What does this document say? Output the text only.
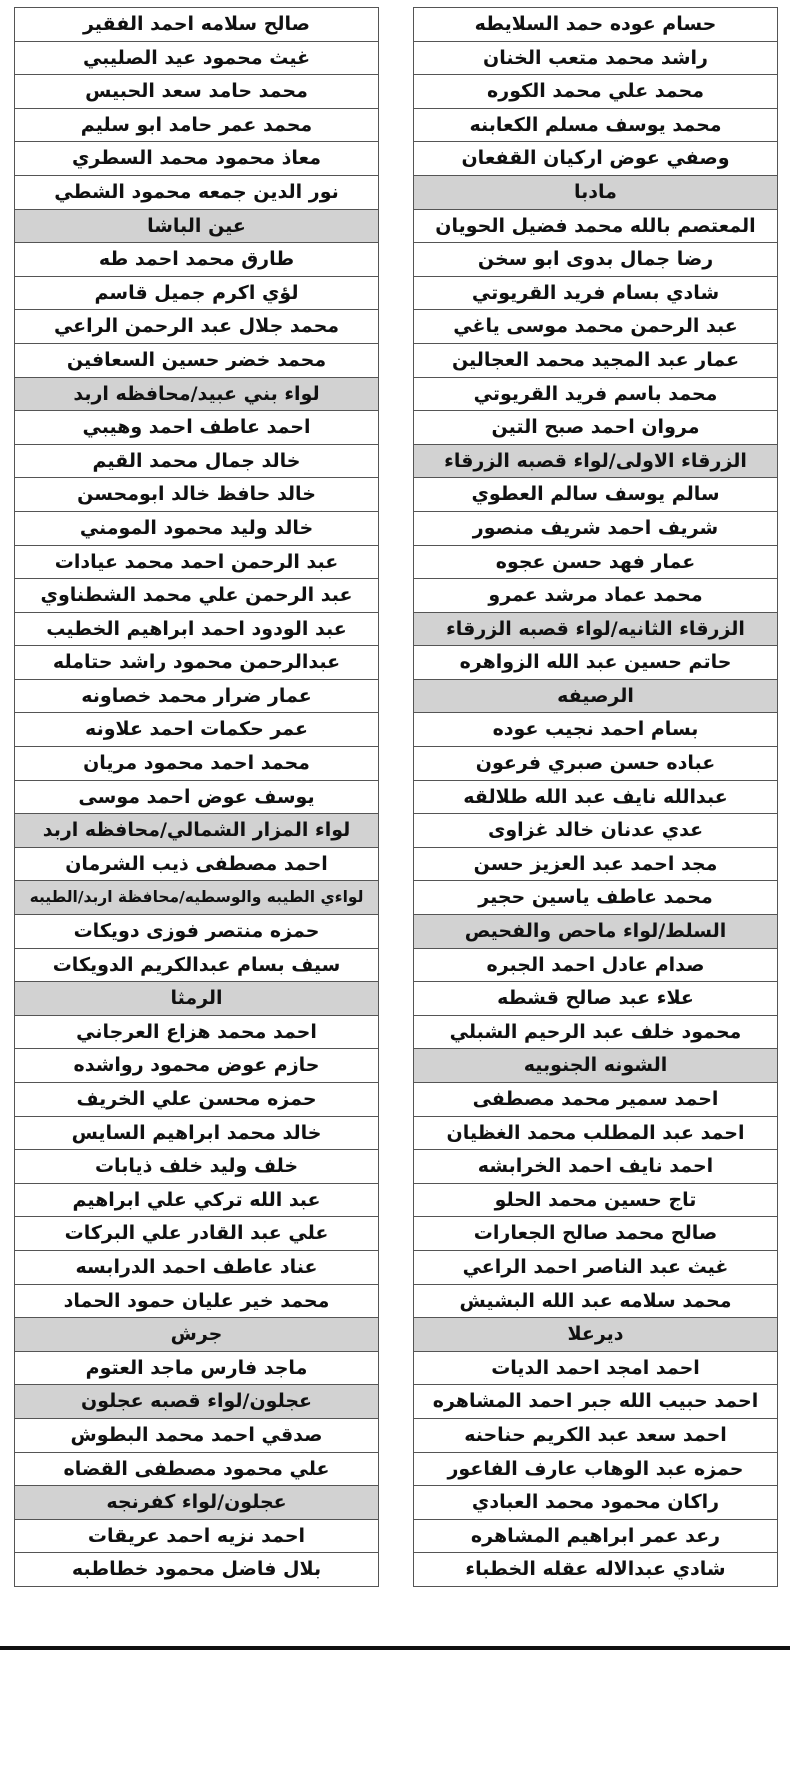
حسام عوده حمد السلايطه
راشد محمد متعب الخنان
محمد علي محمد الكوره
محمد يوسف مسلم الكعابنه
وصفي عوض اركيان القفعان
مادبا
المعتصم بالله محمد فضيل الحويان
رضا جمال بدوى ابو سخن
شادي بسام فريد القريوتي
عبد الرحمن محمد موسى ياغي
عمار عبد المجيد محمد العجالين
محمد باسم فريد القريوتي
مروان احمد صبح التين
الزرقاء الاولى/لواء قصبه الزرقاء
سالم يوسف سالم العطوي
شريف احمد شريف منصور
عمار فهد حسن عجوه
محمد عماد مرشد عمرو
الزرقاء الثانيه/لواء قصبه الزرقاء
حاتم حسين عبد الله الزواهره
الرصيفه
بسام احمد نجيب عوده
عباده حسن صبري فرعون
عبدالله نايف عبد الله طلالقه
عدي عدنان خالد غزاوى
مجد احمد عبد العزيز حسن
محمد عاطف ياسين حجير
السلط/لواء ماحص والفحيص
صدام عادل احمد الجبره
علاء عبد صالح قشطه
محمود خلف عبد الرحيم الشبلي
الشونه الجنوبيه
احمد سمير محمد مصطفى
احمد عبد المطلب محمد الغظيان
احمد نايف احمد الخرابشه
تاج حسين محمد الحلو
صالح محمد صالح الجعارات
غيث عبد الناصر احمد الراعي
محمد سلامه عبد الله البشيش
ديرعلا
احمد امجد احمد الديات
احمد حبيب الله جبر احمد المشاهره
احمد سعد عبد الكريم حناحنه
حمزه عبد الوهاب عارف الفاعور
راكان محمود محمد العبادي
رعد عمر ابراهيم المشاهره
شادي عبدالاله عقله الخطباء
صالح سلامه احمد الفقير
غيث محمود عيد الصليبي
محمد حامد سعد الحبيس
محمد عمر حامد ابو سليم
معاذ محمود محمد السطري
نور الدين جمعه محمود الشطي
عين الباشا
طارق محمد احمد طه
لؤي اكرم جميل قاسم
محمد جلال عبد الرحمن الراعي
محمد خضر حسين السعافين
لواء بني عبيد/محافظه اربد
احمد عاطف احمد وهيبي
خالد جمال محمد القيم
خالد حافظ خالد ابومحسن
خالد وليد محمود المومني
عبد الرحمن احمد محمد عيادات
عبد الرحمن علي محمد الشطناوي
عبد الودود احمد ابراهيم الخطيب
عبدالرحمن محمود راشد حتامله
عمار ضرار محمد خصاونه
عمر حكمات احمد علاونه
محمد احمد محمود مريان
يوسف عوض احمد موسى
لواء المزار الشمالي/محافظه اربد
احمد مصطفى ذيب الشرمان
لواءي الطيبه والوسطيه/محافظة اربد/الطيبه
حمزه منتصر فوزى دويكات
سيف بسام عبدالكريم الدويكات
الرمثا
احمد محمد هزاع العرجاني
حازم عوض محمود رواشده
حمزه محسن علي الخريف
خالد محمد ابراهيم السايس
خلف وليد خلف ذيابات
عبد الله تركي علي ابراهيم
علي عبد القادر علي البركات
عناد عاطف احمد الدرابسه
محمد خير عليان حمود الحماد
جرش
ماجد فارس ماجد العتوم
عجلون/لواء قصبه عجلون
صدقي احمد محمد البطوش
علي محمود مصطفى القضاه
عجلون/لواء كفرنجه
احمد نزيه احمد عريقات
بلال فاضل محمود خطاطبه
